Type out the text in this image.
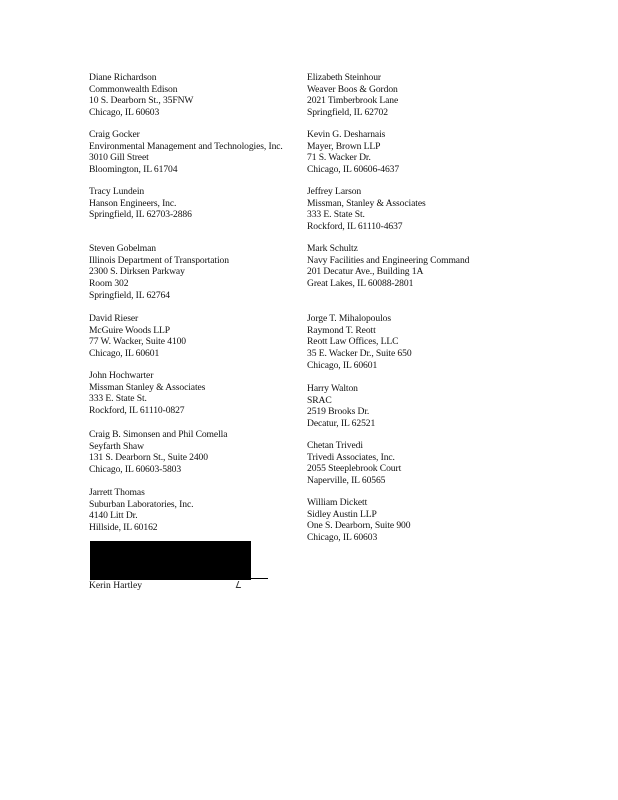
Diane Richardson
Commonwealth Edison
10 S. Dearborn St., 35FNW
Chicago, IL 60603
Craig Gocker
Environmental Management and Technologies, Inc.
3010 Gill Street
Bloomington, IL 61704
Tracy Lundein
Hanson Engineers, Inc.
Springfield, IL 62703-2886
Steven Gobelman
Illinois Department of Transportation
2300 S. Dirksen Parkway
Room 302
Springfield, IL 62764
David Rieser
McGuire Woods LLP
77 W. Wacker, Suite 4100
Chicago, IL 60601
John Hochwarter
Missman Stanley & Associates
333 E. State St.
Rockford, IL 61110-0827
Craig B. Simonsen and Phil Comella
Seyfarth Shaw
131 S. Dearborn St., Suite 2400
Chicago, IL 60603-5803
Jarrett Thomas
Suburban Laboratories, Inc.
4140 Litt Dr.
Hillside, IL 60162
Elizabeth Steinhour
Weaver Boos & Gordon
2021 Timberbrook Lane
Springfield, IL 62702
Kevin G. Desharnais
Mayer, Brown LLP
71 S. Wacker Dr.
Chicago, IL 60606-4637
Jeffrey Larson
Missman, Stanley & Associates
333 E. State St.
Rockford, IL 61110-4637
Mark Schultz
Navy Facilities and Engineering Command
201 Decatur Ave., Building 1A
Great Lakes, IL 60088-2801
Jorge T. Mihalopoulos
Raymond T. Reott
Reott Law Offices, LLC
35 E. Wacker Dr., Suite 650
Chicago, IL 60601
Harry Walton
SRAC
2519 Brooks Dr.
Decatur, IL 62521
Chetan Trivedi
Trivedi Associates, Inc.
2055 Steeplebrook Court
Naperville, IL 60565
William Dickett
Sidley Austin LLP
One S. Dearborn, Suite 900
Chicago, IL 60603
Kerin Hartley
